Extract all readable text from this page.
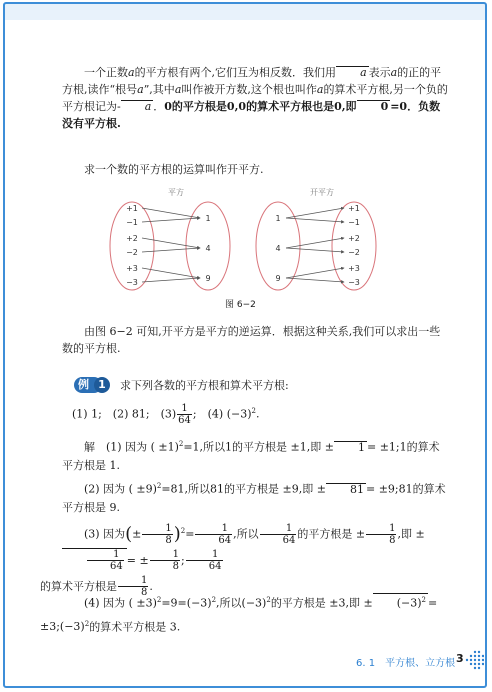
一个正数a的平方根有两个,它们互为相反数．我们用 a 表示a的正的平方根,读作“根号a”,其中a叫作被开方数,这个根也叫作a的算术平方根,另一个负的平方根记为- a ．0的平方根是0,0的算术平方根也是0,即 0 =0．负数没有平方根.
求一个数的平方根的运算叫作开平方.
平方	开平方
+1
−1
+2
−2
+3
−3
1
4
9
1
4
9
+1
−1
+2
−2
+3
−3
图 6−2
由图 6−2 可知,开平方是平方的逆运算．根据这种关系,我们可以求出一些数的平方根.
例 1	求下列各数的平方根和算术平方根:
(1) 1;　 (2) 81;　 $(3) \frac{1}{64}$ ;　 (4) $(-3)^2$.
解　(1) 因为 ( ±1)$^2$=1,所以1的平方根是 ±1,即 ± 1 = ±1;1的算术平方根是 1.
(2) 因为 ( ±9)$^2$=81,所以81的平方根是 ±9,即 ± 81 = ±9;81的算术平方根是 9.
(3) 因为(± $\frac{1}{8} )^2= \frac{1}{64}$ ,所以 $\frac{1}{64}$ 的平方根是 ± $\frac{1}{8}$ ,即 ±
$\frac{1}{64}$ = ± $\frac{1}{8}$ ; $\frac{1}{64}$

的算术平方根是 $\frac{1}{8}$ .
(4) 因为 ( $\pm 3)^2=9=(-3)^2$,所以$(-3)^2$的平方根是 ±3,即 ± $(-3)^2$ =
$\pm 3;(-3)^2$的算术平方根是 3.
6. 1　平方根、立方根 3
